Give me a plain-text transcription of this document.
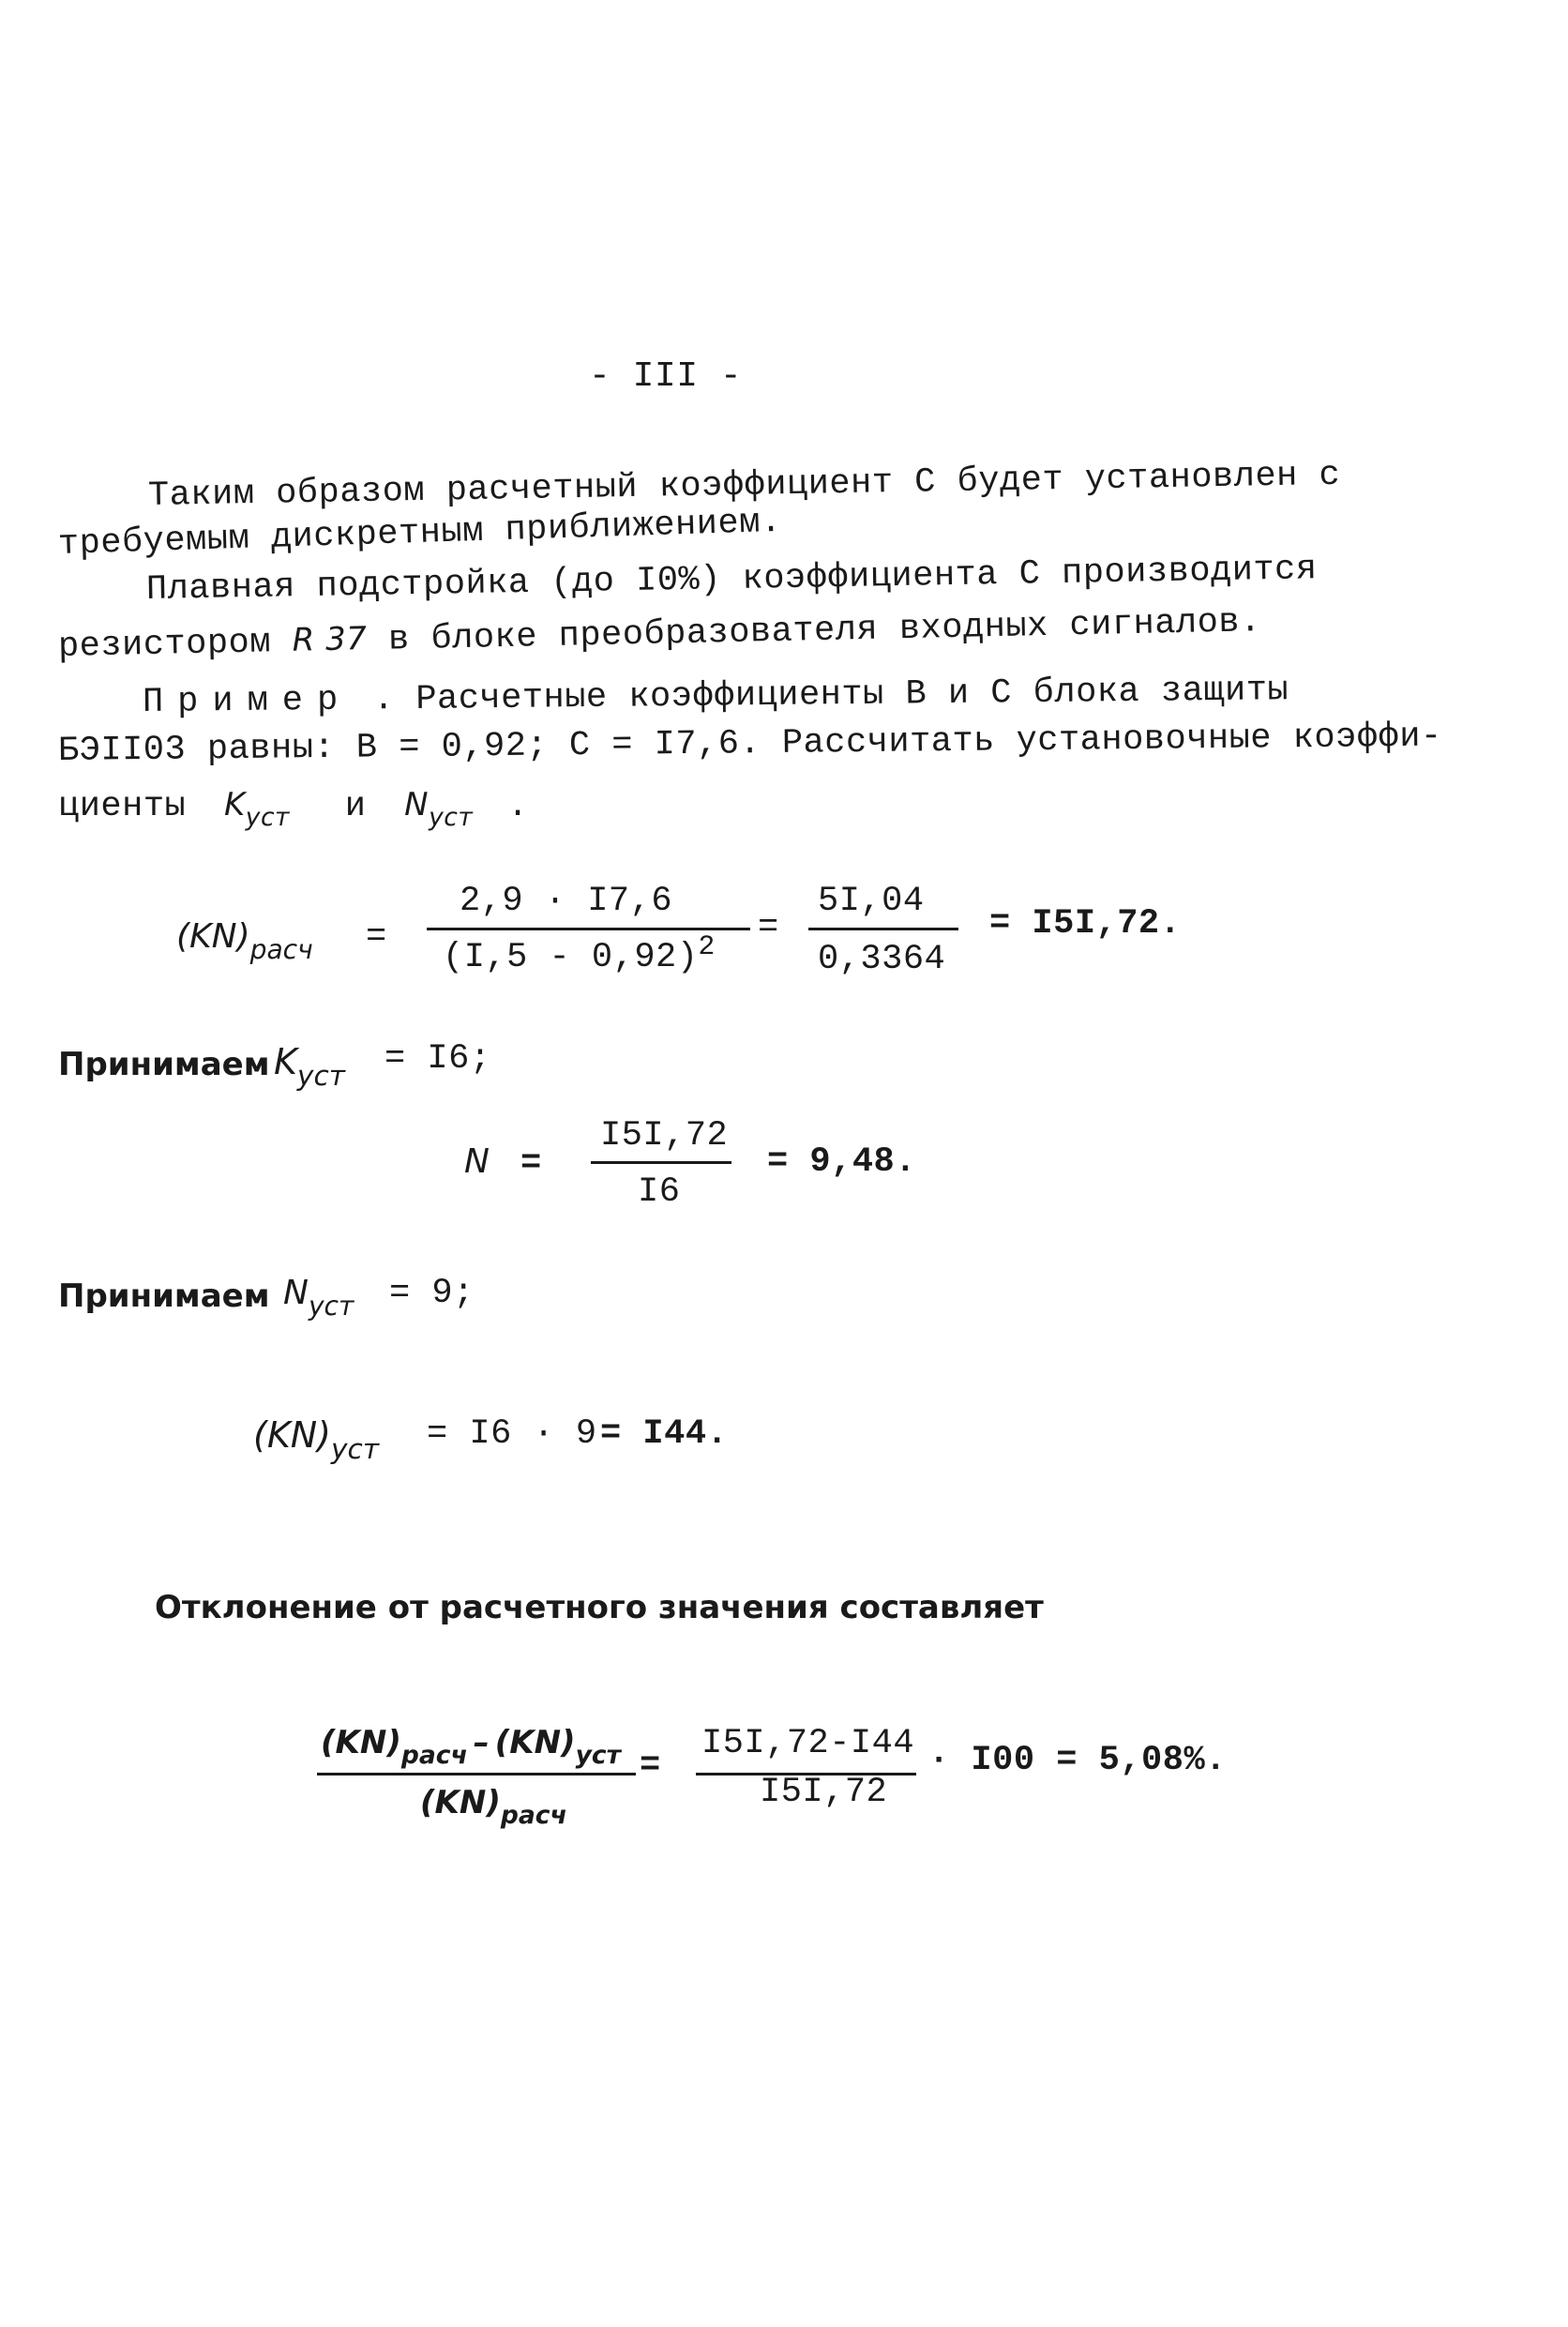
- III -
Таким образом расчетный коэффициент С будет установлен с
требуемым дискретным приближением.
Плавная подстройка (до I0%) коэффициента С производится
резистором R 37 в блоке преобразователя входных сигналов.
Пример . Расчетные коэффициенты В и С блока защиты
БЭII03 равны: В = 0,92; С = I7,6. Рассчитать установочные коэффи-
циенты $K_{уст}$ и $N_{уст}$ .
$(KN)_{расч}$ =
2,9 · I7,6
(I,5 - 0,92)$^2$ =
5I,04
0,3364
= I5I,72.
Принимаем $K_{уст} = I6$;
N =
I5I,72
I6
= 9,48.
Принимаем $N_{уст} = 9$;
$(KN)_{уст} = I6 \cdot 9 = I44$.
Отклонение от расчетного значения составляет
$(KN)_{расч} - (KN)_{уст}$
$(KN)_{расч}$
=
I5I,72-I44
I5I,72
· I00 = 5,08%.
